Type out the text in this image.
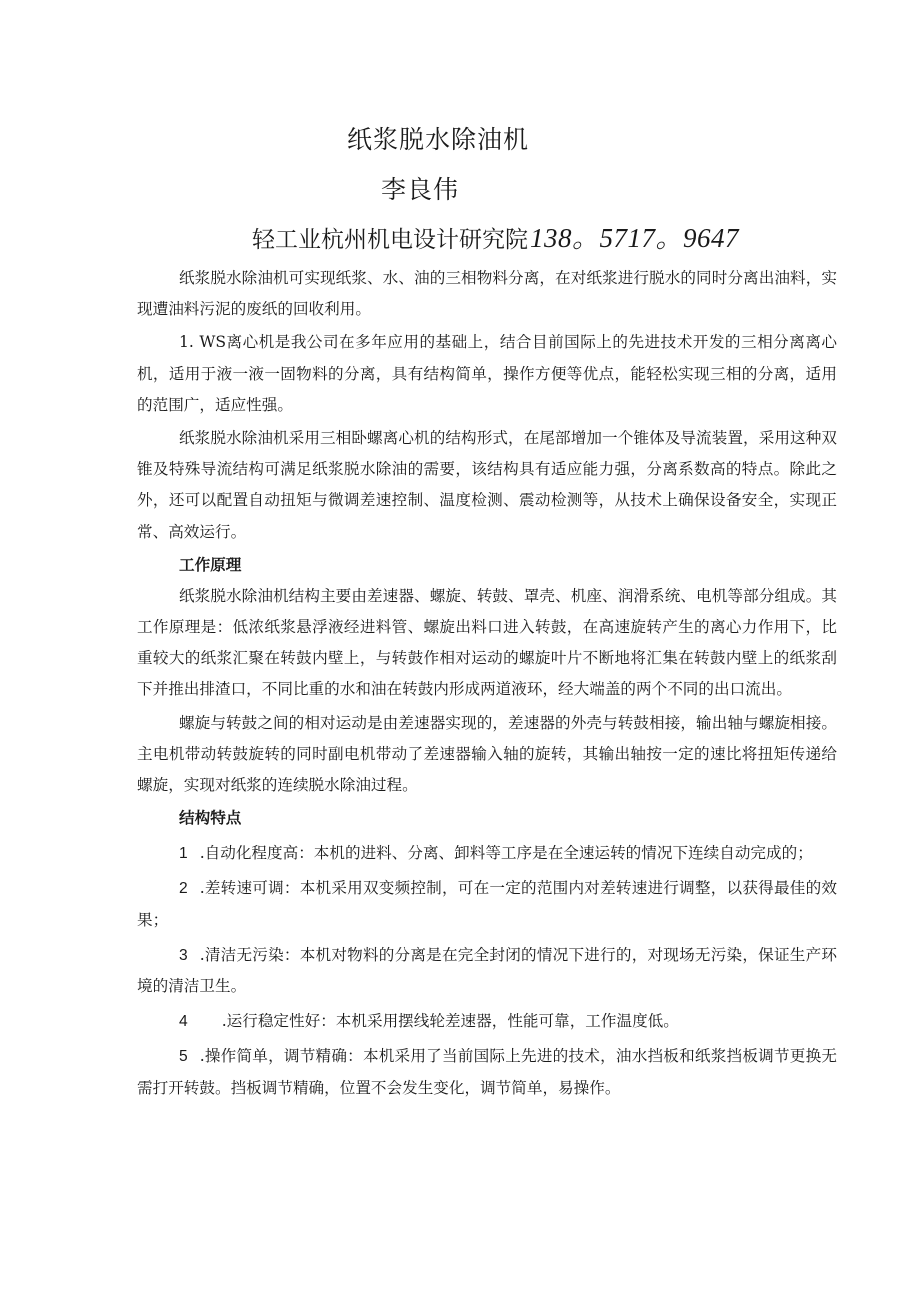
纸浆脱水除油机
李良伟
轻工业杭州机电设计研究院138。5717。9647

纸浆脱水除油机可实现纸浆、水、油的三相物料分离，在对纸浆进行脱水的同时分离出油料，实现遭油料污泥的废纸的回收利用。

1. WS离心机是我公司在多年应用的基础上，结合目前国际上的先进技术开发的三相分离离心机，适用于液一液一固物料的分离，具有结构简单，操作方便等优点，能轻松实现三相的分离，适用的范围广，适应性强。

纸浆脱水除油机采用三相卧螺离心机的结构形式，在尾部增加一个锥体及导流装置，采用这种双锥及特殊导流结构可满足纸浆脱水除油的需要，该结构具有适应能力强，分离系数高的特点。除此之外，还可以配置自动扭矩与微调差速控制、温度检测、震动检测等，从技术上确保设备安全，实现正常、高效运行。

工作原理

纸浆脱水除油机结构主要由差速器、螺旋、转鼓、罩壳、机座、润滑系统、电机等部分组成。其工作原理是：低浓纸浆悬浮液经进料管、螺旋出料口进入转鼓，在高速旋转产生的离心力作用下，比重较大的纸浆汇聚在转鼓内壁上，与转鼓作相对运动的螺旋叶片不断地将汇集在转鼓内壁上的纸浆刮下并推出排渣口，不同比重的水和油在转鼓内形成两道液环，经大端盖的两个不同的出口流出。

螺旋与转鼓之间的相对运动是由差速器实现的，差速器的外壳与转鼓相接，输出轴与螺旋相接。主电机带动转鼓旋转的同时副电机带动了差速器输入轴的旋转，其输出轴按一定的速比将扭矩传递给螺旋，实现对纸浆的连续脱水除油过程。

结构特点

1 .自动化程度高：本机的进料、分离、卸料等工序是在全速运转的情况下连续自动完成的；

2 .差转速可调：本机采用双变频控制，可在一定的范围内对差转速进行调整，以获得最佳的效果；

3 .清洁无污染：本机对物料的分离是在完全封闭的情况下进行的，对现场无污染，保证生产环境的清洁卫生。

4 .运行稳定性好：本机采用摆线轮差速器，性能可靠，工作温度低。

5 .操作简单，调节精确：本机采用了当前国际上先进的技术，油水挡板和纸浆挡板调节更换无需打开转鼓。挡板调节精确，位置不会发生变化，调节简单，易操作。
